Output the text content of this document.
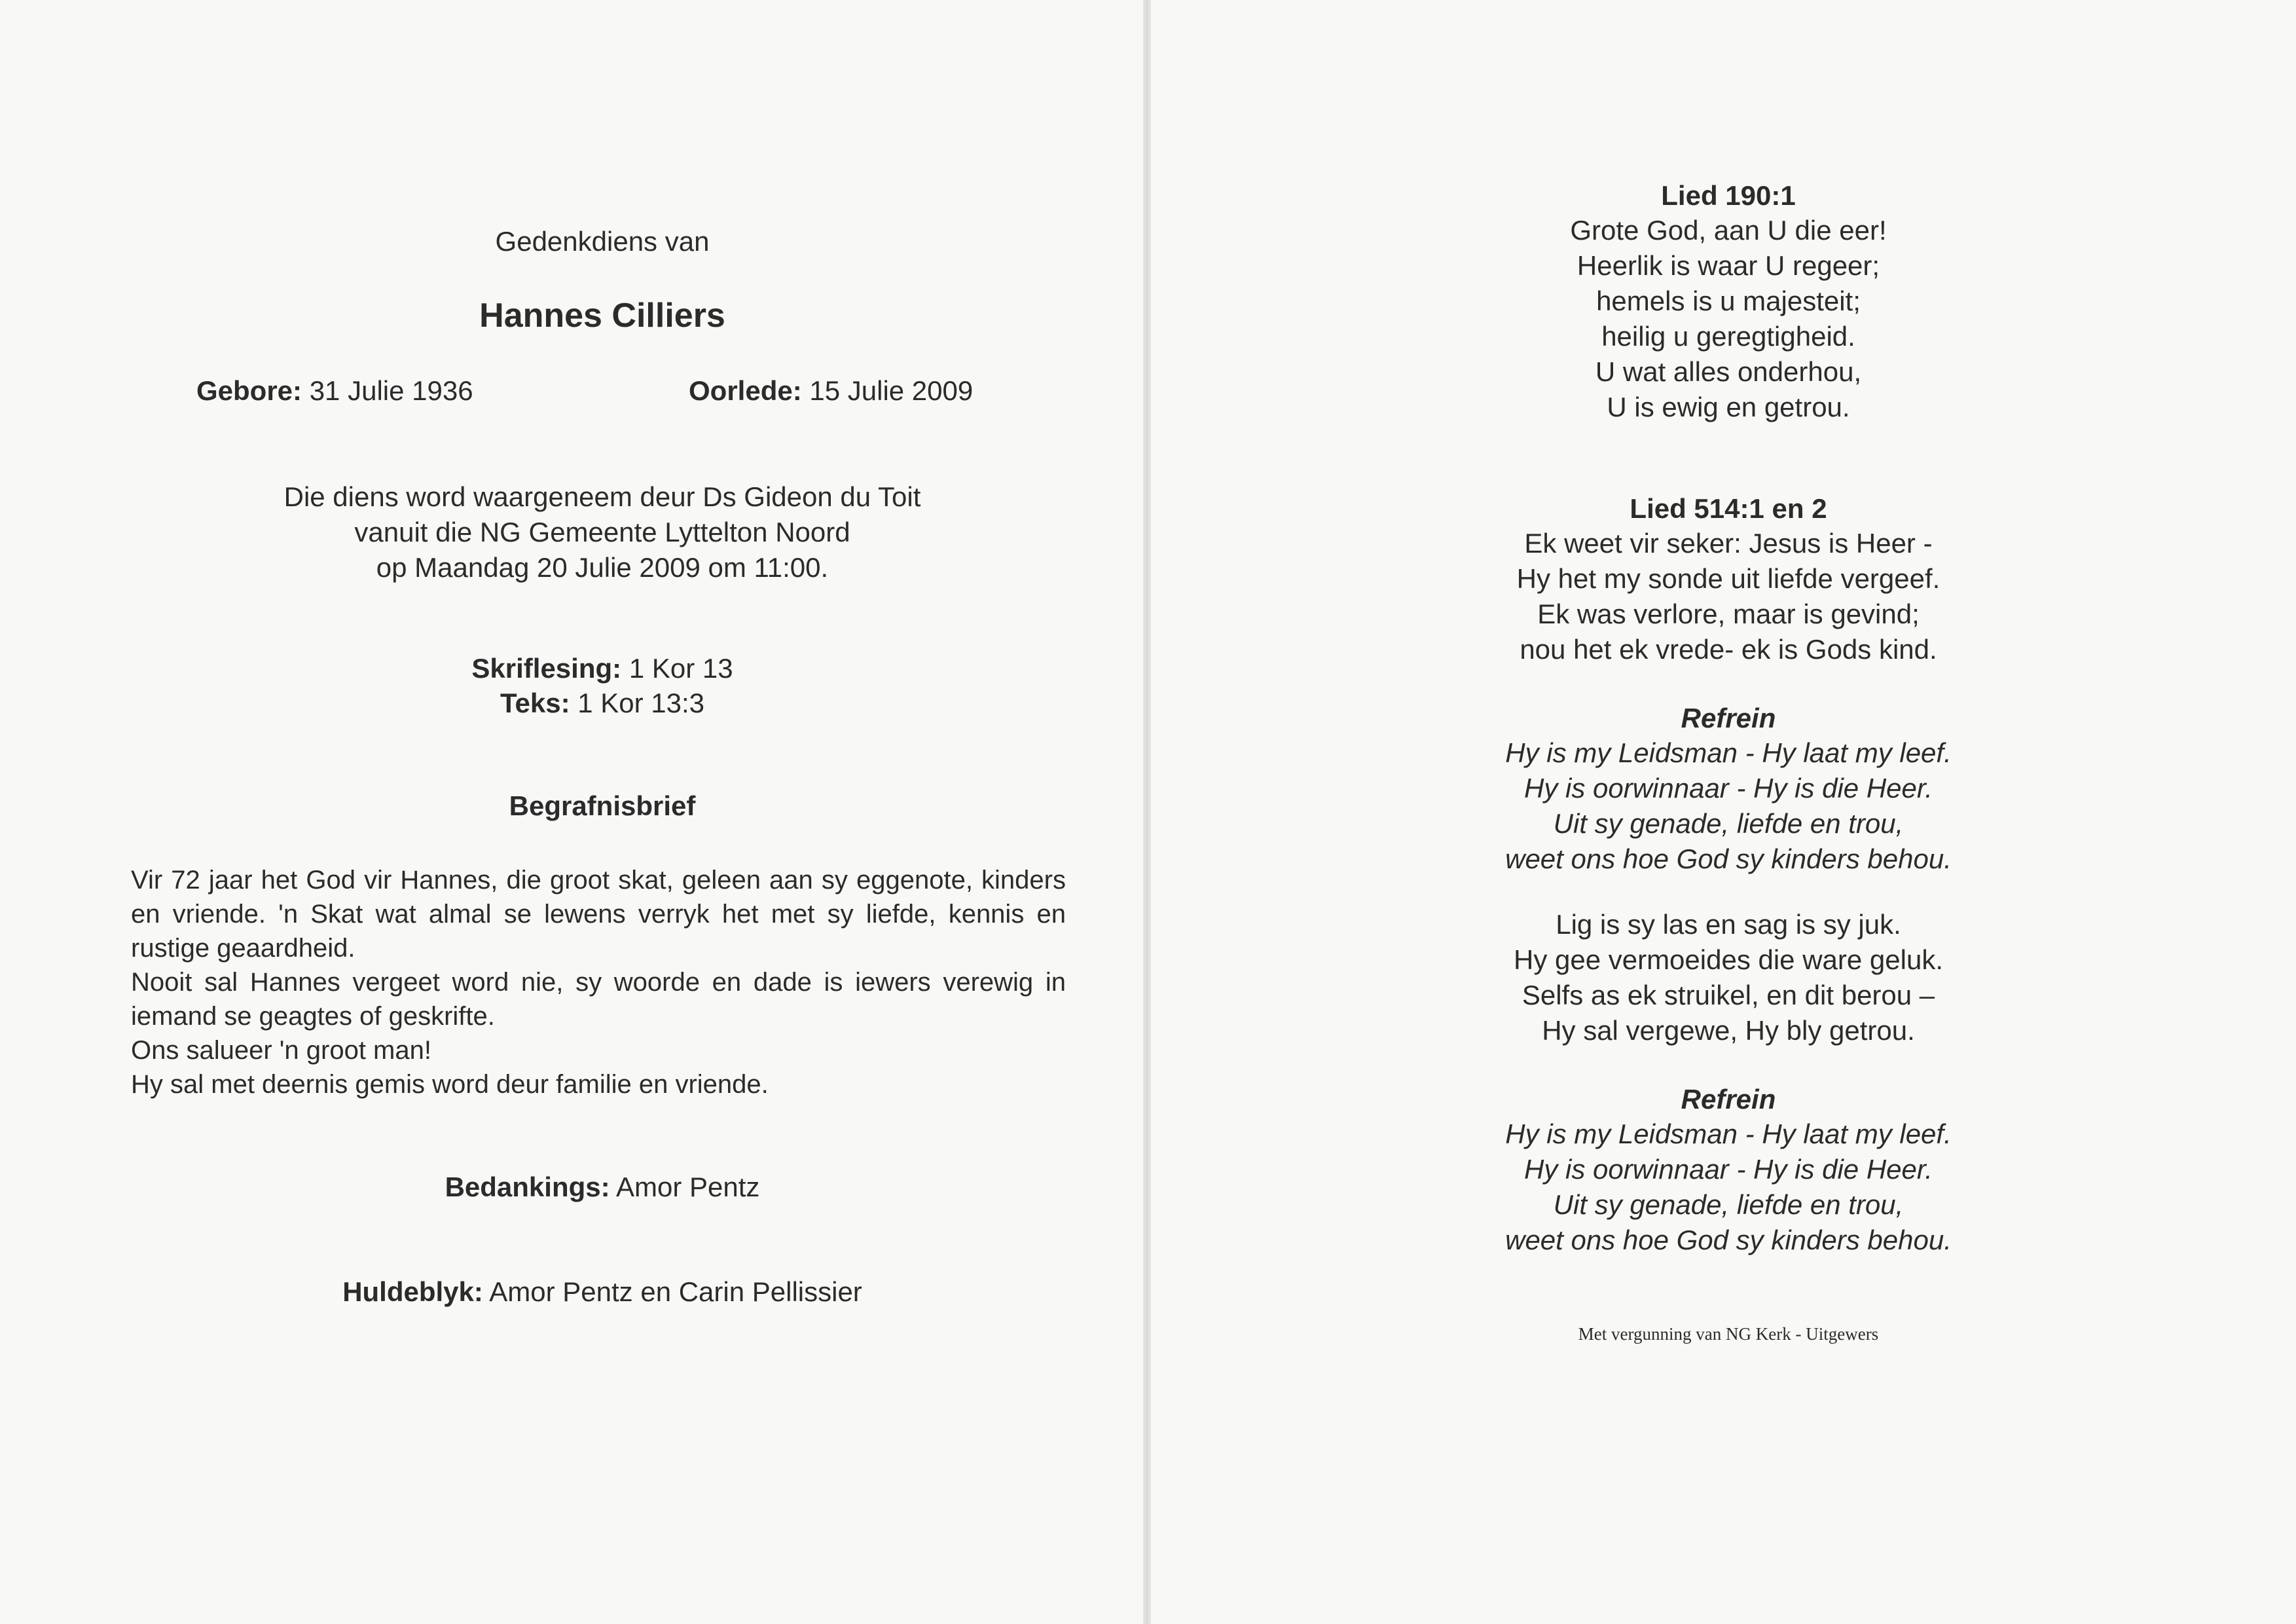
Gedenkdiens van
Hannes Cilliers
Gebore: 31 Julie 1936	Oorlede: 15 Julie 2009
Die diens word waargeneem deur Ds Gideon du Toit
vanuit die NG Gemeente Lyttelton Noord
op Maandag 20 Julie 2009 om 11:00.
Skriflesing: 1 Kor 13
Teks: 1 Kor 13:3
Begrafnisbrief
Vir 72 jaar het God vir Hannes, die groot skat, geleen aan sy eggenote, kinders en vriende. 'n Skat wat almal se lewens verryk het met sy liefde, kennis en rustige geaardheid.
Nooit sal Hannes vergeet word nie, sy woorde en dade is iewers verewig in iemand se geagtes of geskrifte.
Ons salueer 'n groot man!
Hy sal met deernis gemis word deur familie en vriende.
Bedankings: Amor Pentz
Huldeblyk: Amor Pentz en Carin Pellissier
Lied 190:1
Grote God, aan U die eer!
Heerlik is waar U regeer;
hemels is u majesteit;
heilig u geregtigheid.
U wat alles onderhou,
U is ewig en getrou.
Lied 514:1 en 2
Ek weet vir seker: Jesus is Heer -
Hy het my sonde uit liefde vergeef.
Ek was verlore, maar is gevind;
nou het ek vrede- ek is Gods kind.
Refrein
Hy is my Leidsman - Hy laat my leef.
Hy is oorwinnaar - Hy is die Heer.
Uit sy genade, liefde en trou,
weet ons hoe God sy kinders behou.
Lig is sy las en sag is sy juk.
Hy gee vermoeides die ware geluk.
Selfs as ek struikel, en dit berou –
Hy sal vergewe, Hy bly getrou.
Refrein
Hy is my Leidsman - Hy laat my leef.
Hy is oorwinnaar - Hy is die Heer.
Uit sy genade, liefde en trou,
weet ons hoe God sy kinders behou.
Met vergunning van NG Kerk - Uitgewers
